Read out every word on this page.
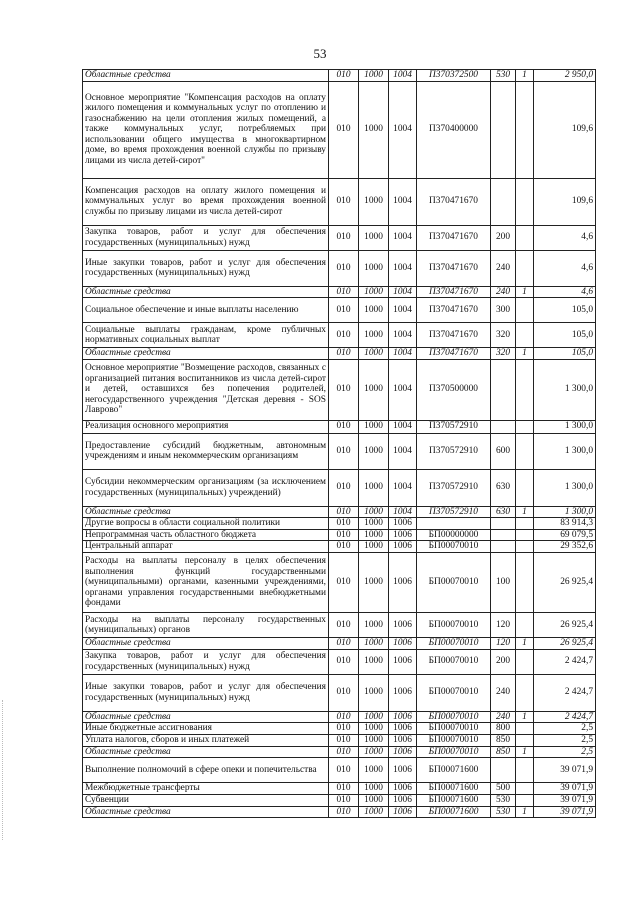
53
Областные средства	010	1000	1004	П370372500	530	1	2 950,0
Основное мероприятие "Компенсация расходов на оплату жилого помещения и коммунальных услуг по отоплению и газоснабжению на цели отопления жилых помещений, а также коммунальных услуг, потребляемых при использовании общего имущества в многоквартирном доме, во время прохождения военной службы по призыву лицами из числа детей-сирот"	010	1000	1004	П370400000			109,6
Компенсация расходов на оплату жилого помещения и коммунальных услуг во время прохождения военной службы по призыву лицами из числа детей-сирот	010	1000	1004	П370471670			109,6
Закупка товаров, работ и услуг для обеспечения государственных (муниципальных) нужд	010	1000	1004	П370471670	200		4,6
Иные закупки товаров, работ и услуг для обеспечения государственных (муниципальных) нужд	010	1000	1004	П370471670	240		4,6
Областные средства	010	1000	1004	П370471670	240	1	4,6
Социальное обеспечение и иные выплаты населению	010	1000	1004	П370471670	300		105,0
Социальные выплаты гражданам, кроме публичных нормативных социальных выплат	010	1000	1004	П370471670	320		105,0
Областные средства	010	1000	1004	П370471670	320	1	105,0
Основное мероприятие "Возмещение расходов, связанных с организацией питания воспитанников из числа детей-сирот и детей, оставшихся без попечения родителей, негосударственного учреждения "Детская деревня - SOS Лаврово"	010	1000	1004	П370500000			1 300,0
Реализация основного мероприятия	010	1000	1004	П370572910			1 300,0
Предоставление субсидий бюджетным, автономным учреждениям и иным некоммерческим организациям	010	1000	1004	П370572910	600		1 300,0
Субсидии некоммерческим организациям (за исключением государственных (муниципальных) учреждений)	010	1000	1004	П370572910	630		1 300,0
Областные средства	010	1000	1004	П370572910	630	1	1 300,0
Другие вопросы в области социальной политики	010	1000	1006				83 914,3
Непрограммная часть областного бюджета	010	1000	1006	БП00000000			69 079,5
Центральный аппарат	010	1000	1006	БП00070010			29 352,6
Расходы на выплаты персоналу в целях обеспечения выполнения функций государственными (муниципальными) органами, казенными учреждениями, органами управления государственными внебюджетными фондами	010	1000	1006	БП00070010	100		26 925,4
Расходы на выплаты персоналу государственных (муниципальных) органов	010	1000	1006	БП00070010	120		26 925,4
Областные средства	010	1000	1006	БП00070010	120	1	26 925,4
Закупка товаров, работ и услуг для обеспечения государственных (муниципальных) нужд	010	1000	1006	БП00070010	200		2 424,7
Иные закупки товаров, работ и услуг для обеспечения государственных (муниципальных) нужд	010	1000	1006	БП00070010	240		2 424,7
Областные средства	010	1000	1006	БП00070010	240	1	2 424,7
Иные бюджетные ассигнования	010	1000	1006	БП00070010	800		2,5
Уплата налогов, сборов и иных платежей	010	1000	1006	БП00070010	850		2,5
Областные средства	010	1000	1006	БП00070010	850	1	2,5
Выполнение полномочий в сфере опеки и попечительства	010	1000	1006	БП00071600			39 071,9
Межбюджетные трансферты	010	1000	1006	БП00071600	500		39 071,9
Субвенции	010	1000	1006	БП00071600	530		39 071,9
Областные средства	010	1000	1006	БП00071600	530	1	39 071,9
